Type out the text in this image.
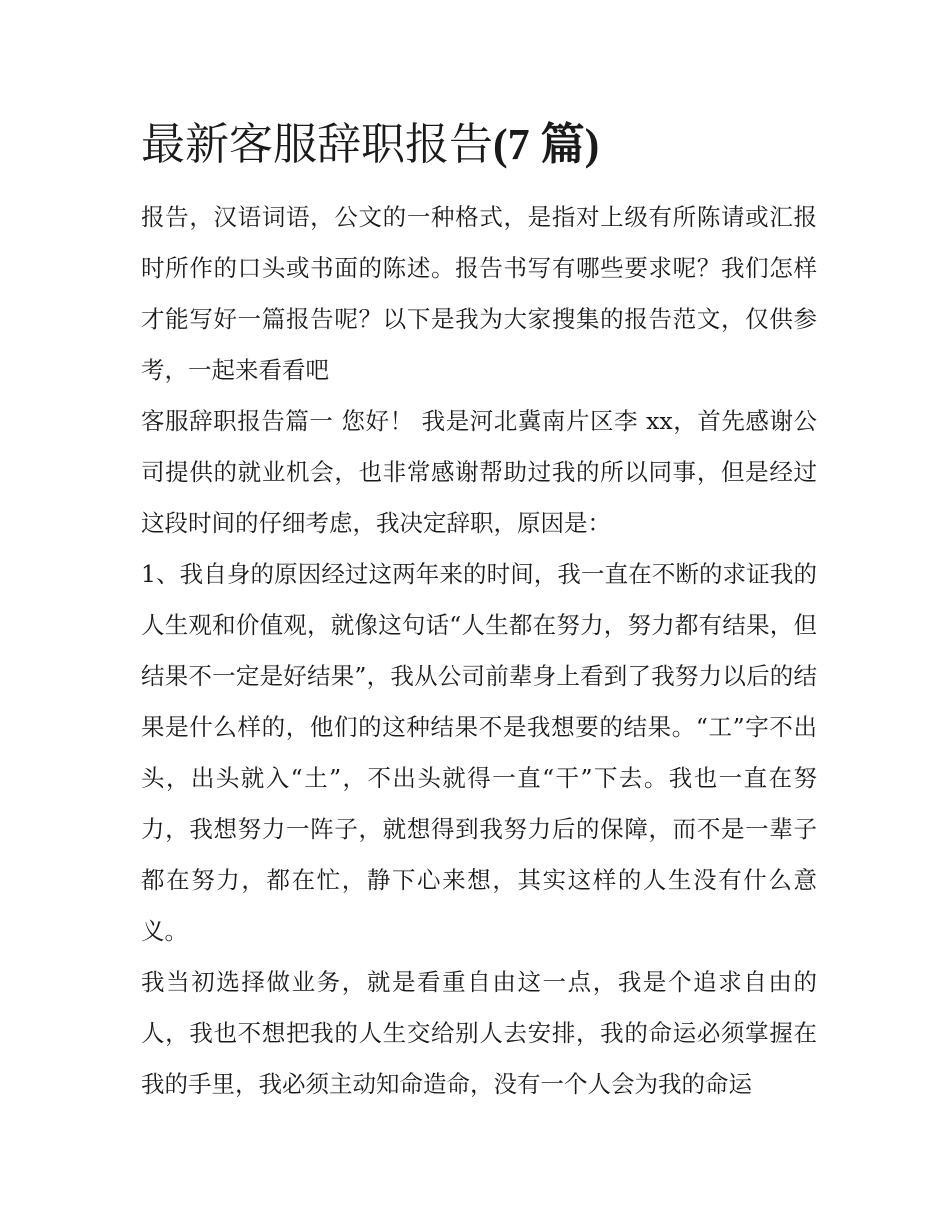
最新客服辞职报告(7 篇)

报告，汉语词语，公文的一种格式，是指对上级有所陈请或汇报时所作的口头或书面的陈述。报告书写有哪些要求呢？我们怎样才能写好一篇报告呢？以下是我为大家搜集的报告范文，仅供参考，一起来看看吧

客服辞职报告篇一 您好！ 我是河北冀南片区李 xx，首先感谢公司提供的就业机会，也非常感谢帮助过我的所以同事，但是经过这段时间的仔细考虑，我决定辞职，原因是：

1、我自身的原因经过这两年来的时间，我一直在不断的求证我的人生观和价值观，就像这句话“人生都在努力，努力都有结果，但结果不一定是好结果”，我从公司前辈身上看到了我努力以后的结果是什么样的，他们的这种结果不是我想要的结果。“工”字不出头，出头就入“土”，不出头就得一直“干”下去。我也一直在努力，我想努力一阵子，就想得到我努力后的保障，而不是一辈子都在努力，都在忙，静下心来想，其实这样的人生没有什么意义。

我当初选择做业务，就是看重自由这一点，我是个追求自由的人，我也不想把我的人生交给别人去安排，我的命运必须掌握在我的手里，我必须主动知命造命，没有一个人会为我的命运
